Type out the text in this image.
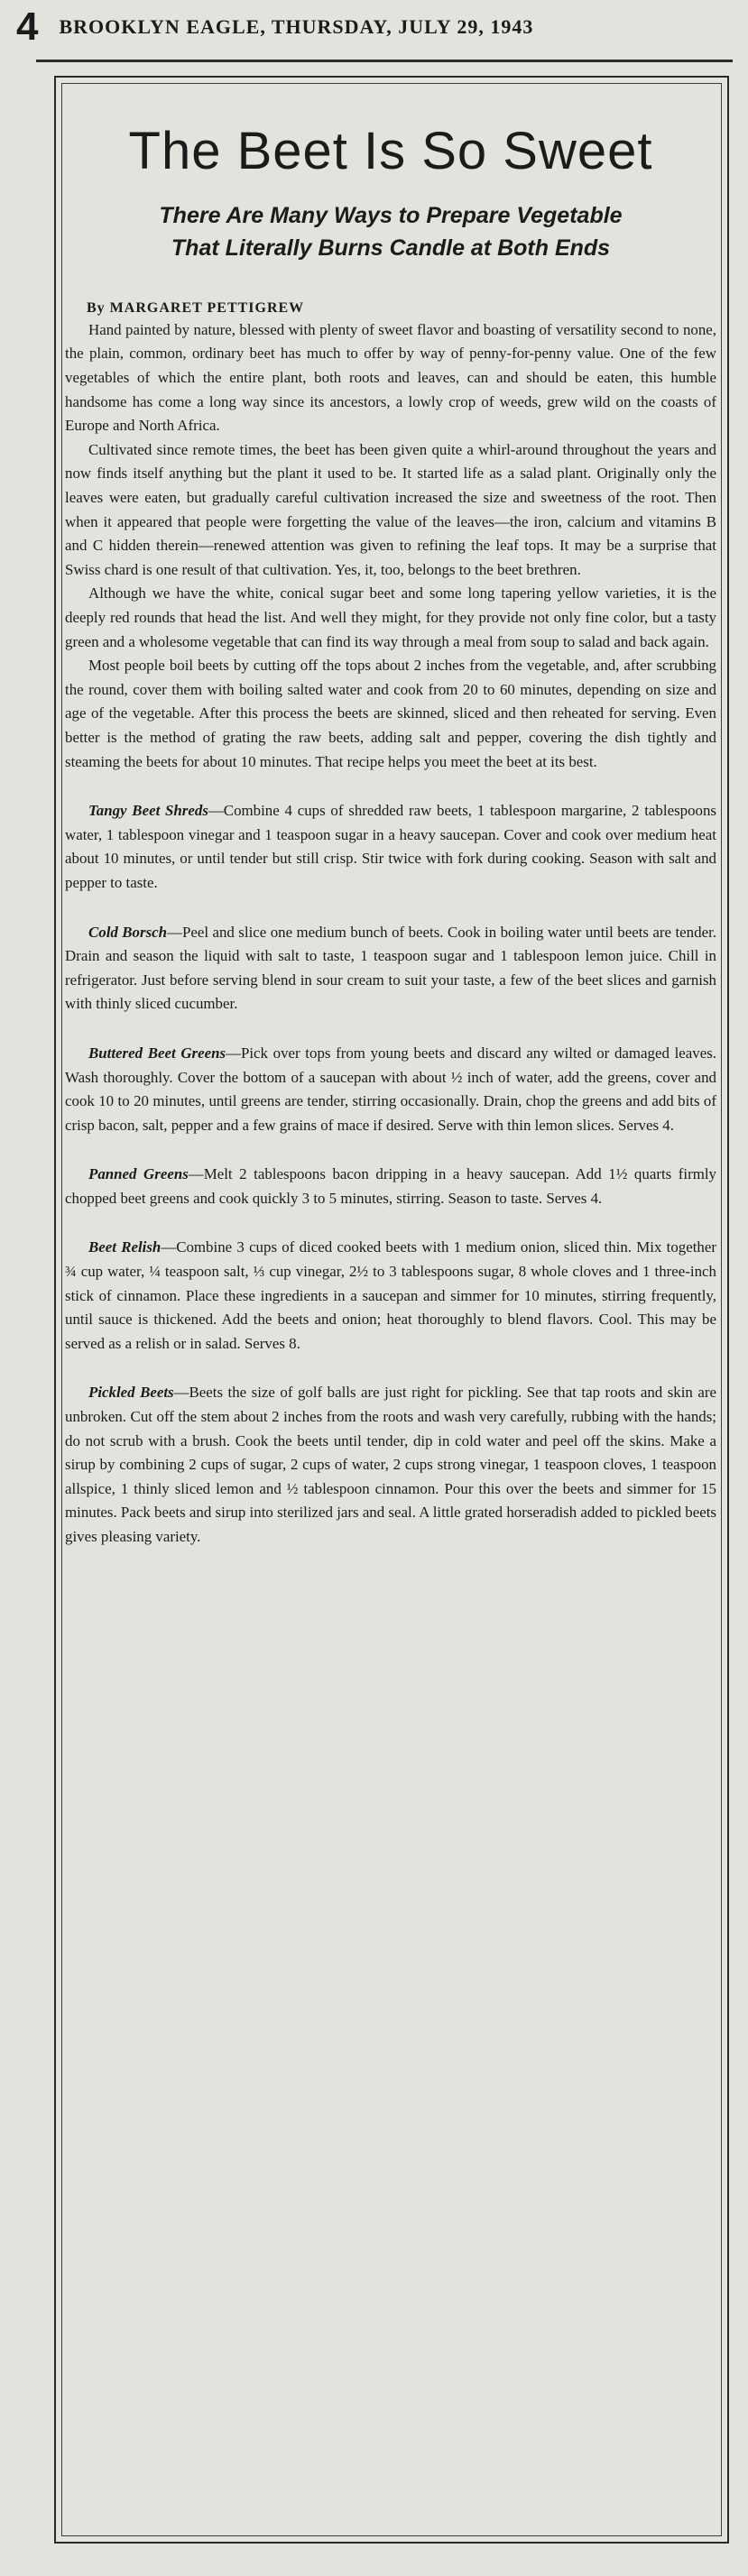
4 BROOKLYN EAGLE, THURSDAY, JULY 29, 1943
The Beet Is So Sweet
There Are Many Ways to Prepare Vegetable
That Literally Burns Candle at Both Ends
By MARGARET PETTIGREW

Hand painted by nature, blessed with plenty of sweet flavor and boasting of versatility second to none, the plain, common, ordinary beet has much to offer by way of penny-for-penny value. One of the few vegetables of which the entire plant, both roots and leaves, can and should be eaten, this humble handsome has come a long way since its ancestors, a lowly crop of weeds, grew wild on the coasts of Europe and North Africa.

Cultivated since remote times, the beet has been given quite a whirl-around throughout the years and now finds itself anything but the plant it used to be. It started life as a salad plant. Originally only the leaves were eaten, but gradually careful cultivation increased the size and sweetness of the root. Then when it appeared that people were forgetting the value of the leaves—the iron, calcium and vitamins B and C hidden therein—renewed attention was given to refining the leaf tops. It may be a surprise that Swiss chard is one result of that cultivation. Yes, it, too, belongs to the beet brethren.

Although we have the white, conical sugar beet and some long tapering yellow varieties, it is the deeply red rounds that head the list. And well they might, for they provide not only fine color, but a tasty green and a wholesome vegetable that can find its way through a meal from soup to salad and back again.

Most people boil beets by cutting off the tops about 2 inches from the vegetable, and, after scrubbing the round, cover them with boiling salted water and cook from 20 to 60 minutes, depending on size and age of the vegetable. After this process the beets are skinned, sliced and then reheated for serving. Even better is the method of grating the raw beets, adding salt and pepper, covering the dish tightly and steaming the beets for about 10 minutes. That recipe helps you meet the beet at its best.

Tangy Beet Shreds—Combine 4 cups of shredded raw beets, 1 tablespoon margarine, 2 tablespoons water, 1 tablespoon vinegar and 1 teaspoon sugar in a heavy saucepan. Cover and cook over medium heat about 10 minutes, or until tender but still crisp. Stir twice with fork during cooking. Season with salt and pepper to taste.

Cold Borsch—Peel and slice one medium bunch of beets. Cook in boiling water until beets are tender. Drain and season the liquid with salt to taste, 1 teaspoon sugar and 1 tablespoon lemon juice. Chill in refrigerator. Just before serving blend in sour cream to suit your taste, a few of the beet slices and garnish with thinly sliced cucumber.

Buttered Beet Greens—Pick over tops from young beets and discard any wilted or damaged leaves. Wash thoroughly. Cover the bottom of a saucepan with about ½ inch of water, add the greens, cover and cook 10 to 20 minutes, until greens are tender, stirring occasionally. Drain, chop the greens and add bits of crisp bacon, salt, pepper and a few grains of mace if desired. Serve with thin lemon slices. Serves 4.

Panned Greens—Melt 2 tablespoons bacon dripping in a heavy saucepan. Add 1½ quarts firmly chopped beet greens and cook quickly 3 to 5 minutes, stirring. Season to taste. Serves 4.

Beet Relish—Combine 3 cups of diced cooked beets with 1 medium onion, sliced thin. Mix together ¾ cup water, ¼ teaspoon salt, ⅓ cup vinegar, 2½ to 3 tablespoons sugar, 8 whole cloves and 1 three-inch stick of cinnamon. Place these ingredients in a saucepan and simmer for 10 minutes, stirring frequently, until sauce is thickened. Add the beets and onion; heat thoroughly to blend flavors. Cool. This may be served as a relish or in salad. Serves 8.

Pickled Beets—Beets the size of golf balls are just right for pickling. See that tap roots and skin are unbroken. Cut off the stem about 2 inches from the roots and wash very carefully, rubbing with the hands; do not scrub with a brush. Cook the beets until tender, dip in cold water and peel off the skins. Make a sirup by combining 2 cups of sugar, 2 cups of water, 2 cups strong vinegar, 1 teaspoon cloves, 1 teaspoon allspice, 1 thinly sliced lemon and ½ tablespoon cinnamon. Pour this over the beets and simmer for 15 minutes. Pack beets and sirup into sterilized jars and seal. A little grated horseradish added to pickled beets gives pleasing variety.
